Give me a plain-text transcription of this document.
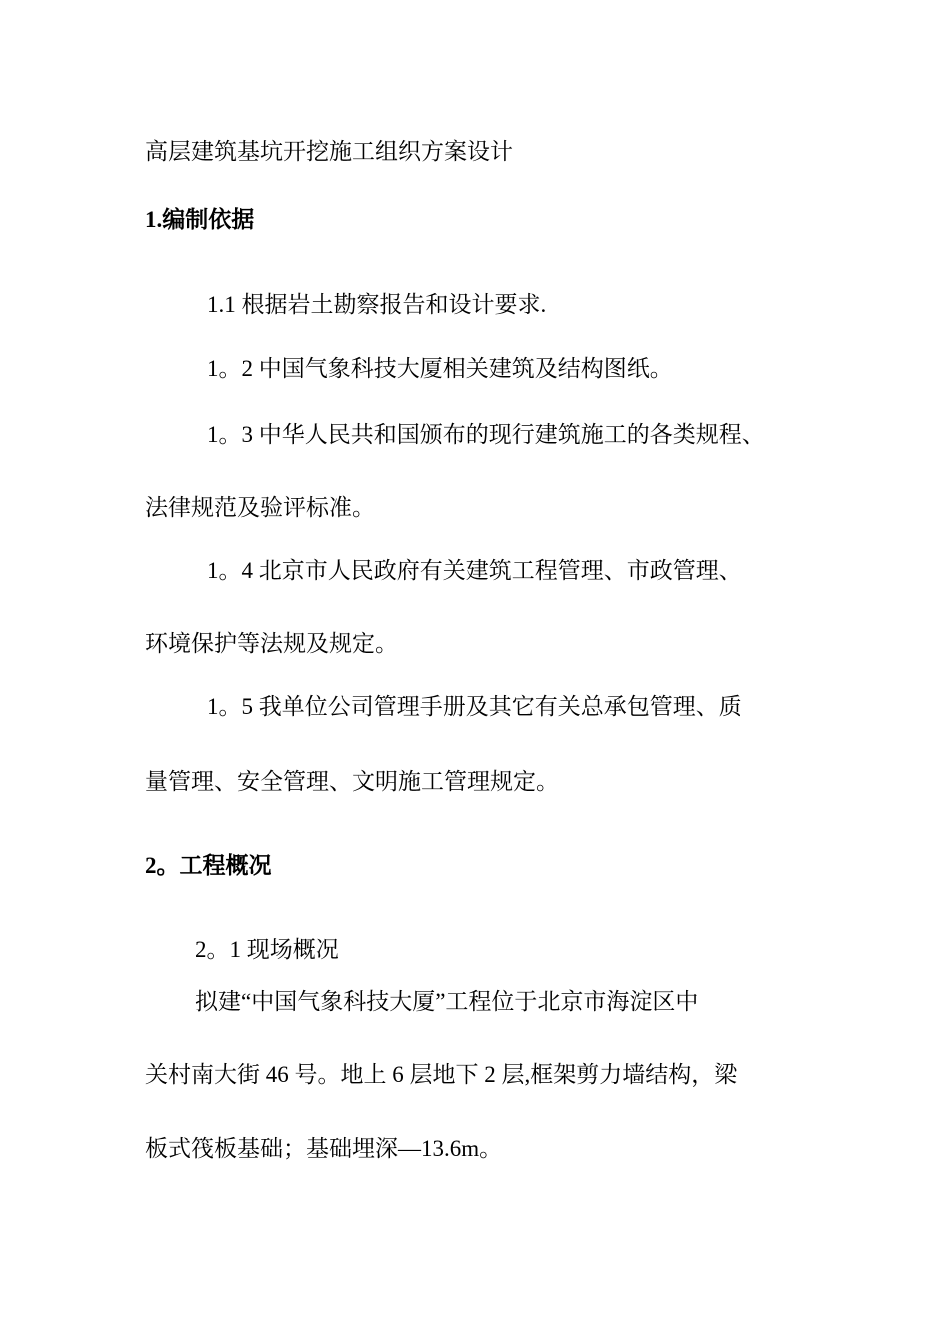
高层建筑基坑开挖施工组织方案设计
1.编制依据
1.1 根据岩土勘察报告和设计要求.
1。2 中国气象科技大厦相关建筑及结构图纸。
1。3 中华人民共和国颁布的现行建筑施工的各类规程、
法律规范及验评标准。
1。4 北京市人民政府有关建筑工程管理、市政管理、
环境保护等法规及规定。
1。5 我单位公司管理手册及其它有关总承包管理、质
量管理、安全管理、文明施工管理规定。
2。工程概况
2。1 现场概况
拟建“中国气象科技大厦”工程位于北京市海淀区中
关村南大街 46 号。地上 6 层地下 2 层,框架剪力墙结构，梁
板式筏板基础；基础埋深—13.6m。
